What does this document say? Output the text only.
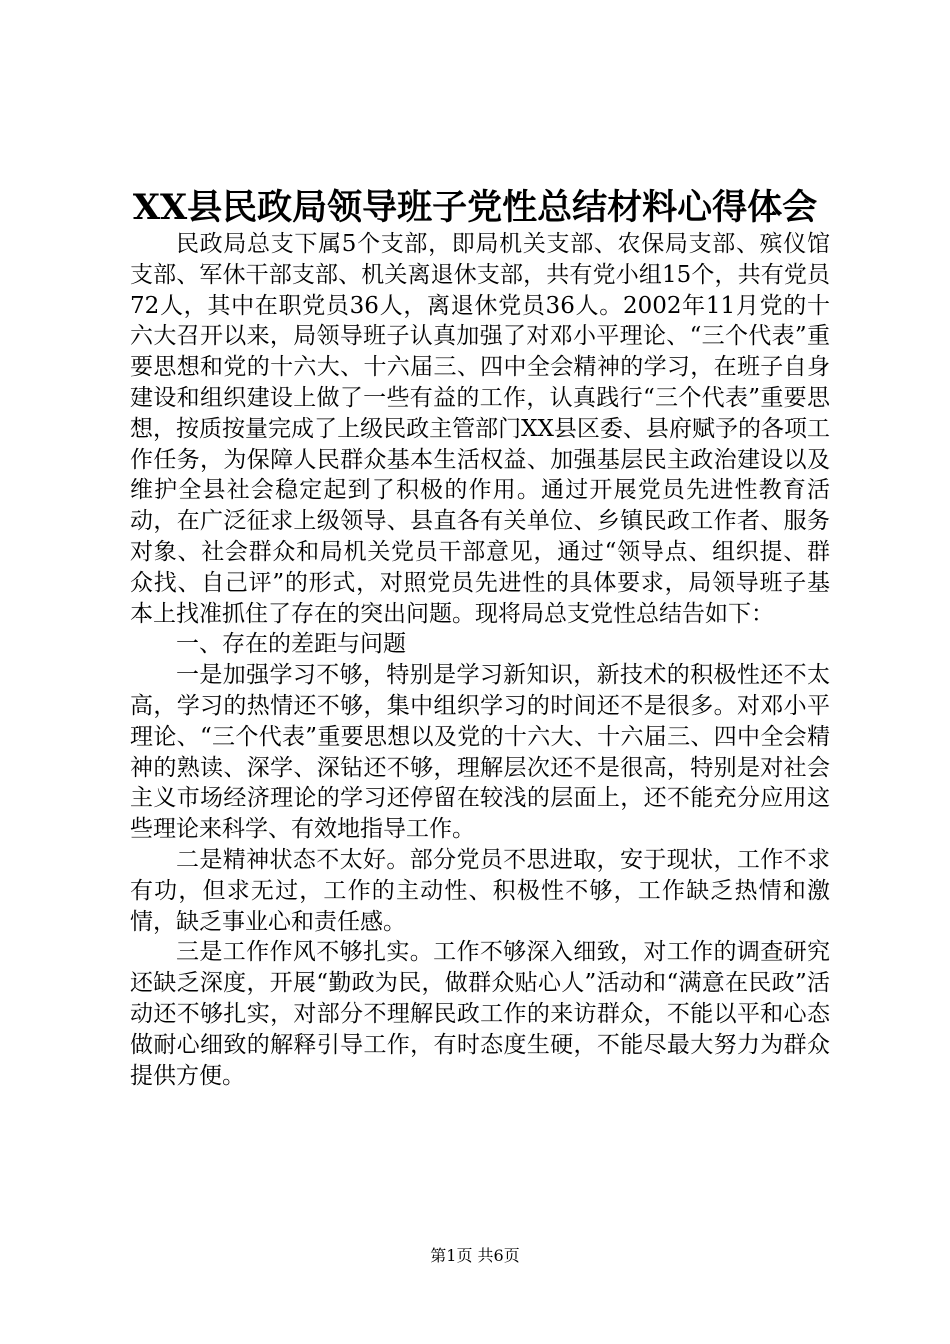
XX县民政局领导班子党性总结材料心得体会

民政局总支下属5个支部，即局机关支部、农保局支部、殡仪馆支部、军休干部支部、机关离退休支部，共有党小组15个，共有党员72人，其中在职党员36人，离退休党员36人。2002年11月党的十六大召开以来，局领导班子认真加强了对邓小平理论、“三个代表”重要思想和党的十六大、十六届三、四中全会精神的学习，在班子自身建设和组织建设上做了一些有益的工作，认真践行“三个代表”重要思想，按质按量完成了上级民政主管部门XX县区委、县府赋予的各项工作任务，为保障人民群众基本生活权益、加强基层民主政治建设以及维护全县社会稳定起到了积极的作用。通过开展党员先进性教育活动，在广泛征求上级领导、县直各有关单位、乡镇民政工作者、服务对象、社会群众和局机关党员干部意见，通过“领导点、组织提、群众找、自己评”的形式，对照党员先进性的具体要求，局领导班子基本上找准抓住了存在的突出问题。现将局总支党性总结告如下：

一、存在的差距与问题

一是加强学习不够，特别是学习新知识，新技术的积极性还不太高，学习的热情还不够，集中组织学习的时间还不是很多。对邓小平理论、“三个代表”重要思想以及党的十六大、十六届三、四中全会精神的熟读、深学、深钻还不够，理解层次还不是很高，特别是对社会主义市场经济理论的学习还停留在较浅的层面上，还不能充分应用这些理论来科学、有效地指导工作。

二是精神状态不太好。部分党员不思进取，安于现状，工作不求有功，但求无过，工作的主动性、积极性不够，工作缺乏热情和激情，缺乏事业心和责任感。

三是工作作风不够扎实。工作不够深入细致，对工作的调查研究还缺乏深度，开展“勤政为民，做群众贴心人”活动和“满意在民政”活动还不够扎实，对部分不理解民政工作的来访群众，不能以平和心态做耐心细致的解释引导工作，有时态度生硬，不能尽最大努力为群众提供方便。

第1页 共6页
